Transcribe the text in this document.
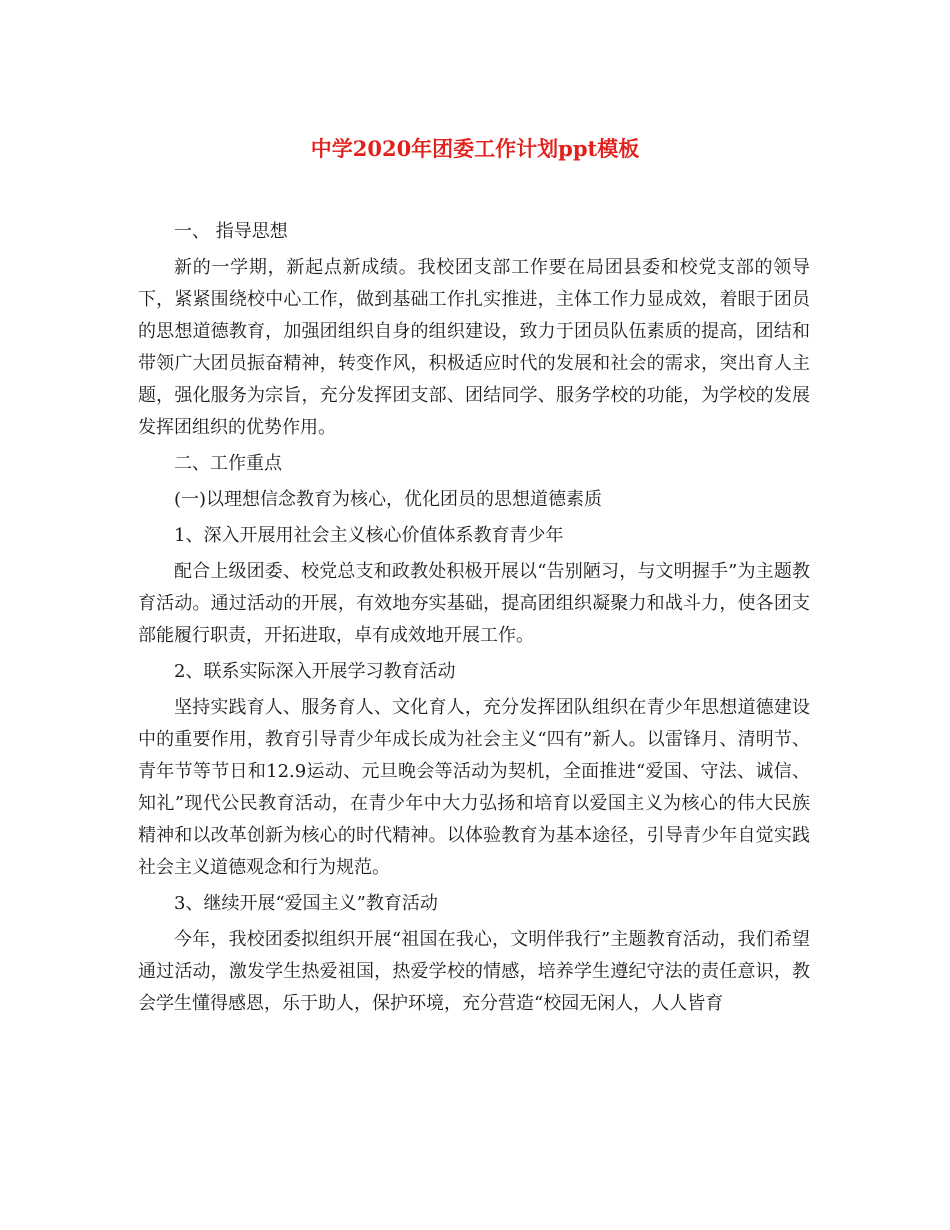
中学2020年团委工作计划ppt模板

一、 指导思想

新的一学期，新起点新成绩。我校团支部工作要在局团县委和校党支部的领导下，紧紧围绕校中心工作，做到基础工作扎实推进，主体工作力显成效，着眼于团员的思想道德教育，加强团组织自身的组织建设，致力于团员队伍素质的提高，团结和带领广大团员振奋精神，转变作风，积极适应时代的发展和社会的需求，突出育人主题，强化服务为宗旨，充分发挥团支部、团结同学、服务学校的功能，为学校的发展发挥团组织的优势作用。

二、工作重点

(一)以理想信念教育为核心，优化团员的思想道德素质

1、深入开展用社会主义核心价值体系教育青少年

配合上级团委、校党总支和政教处积极开展以“告别陋习，与文明握手”为主题教育活动。通过活动的开展，有效地夯实基础，提高团组织凝聚力和战斗力，使各团支部能履行职责，开拓进取，卓有成效地开展工作。

2、联系实际深入开展学习教育活动

坚持实践育人、服务育人、文化育人，充分发挥团队组织在青少年思想道德建设中的重要作用，教育引导青少年成长成为社会主义“四有”新人。以雷锋月、清明节、青年节等节日和12.9运动、元旦晚会等活动为契机，全面推进“爱国、守法、诚信、知礼”现代公民教育活动，在青少年中大力弘扬和培育以爱国主义为核心的伟大民族精神和以改革创新为核心的时代精神。以体验教育为基本途径，引导青少年自觉实践社会主义道德观念和行为规范。

3、继续开展“爱国主义”教育活动

今年，我校团委拟组织开展“祖国在我心，文明伴我行”主题教育活动，我们希望通过活动，激发学生热爱祖国，热爱学校的情感，培养学生遵纪守法的责任意识，教会学生懂得感恩，乐于助人，保护环境，充分营造“校园无闲人，人人皆育
